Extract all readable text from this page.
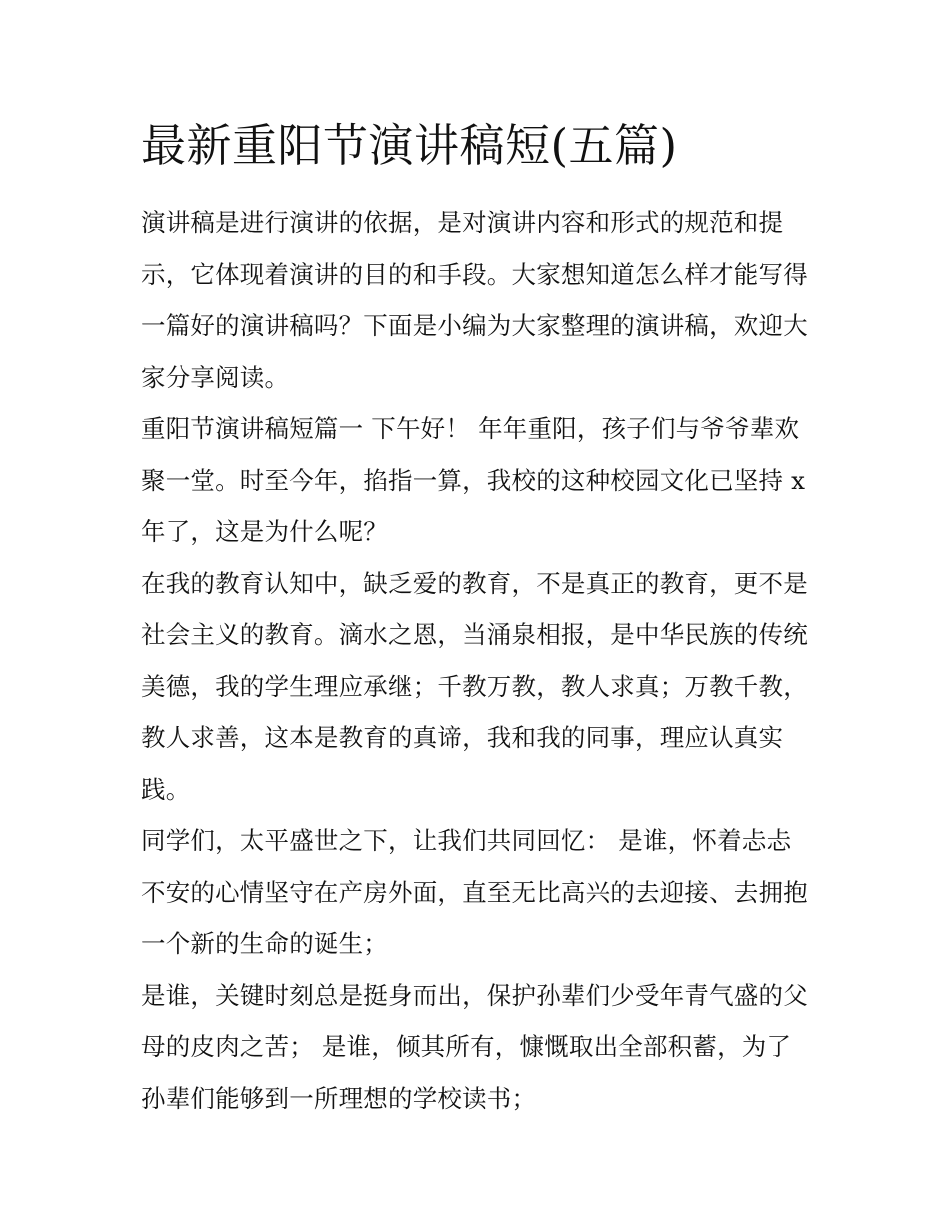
最新重阳节演讲稿短(五篇)

演讲稿是进行演讲的依据，是对演讲内容和形式的规范和提
示，它体现着演讲的目的和手段。大家想知道怎么样才能写得
一篇好的演讲稿吗？下面是小编为大家整理的演讲稿，欢迎大
家分享阅读。

重阳节演讲稿短篇一 下午好！ 年年重阳，孩子们与爷爷辈欢
聚一堂。时至今年，掐指一算，我校的这种校园文化已坚持 x
年了，这是为什么呢？

在我的教育认知中，缺乏爱的教育，不是真正的教育，更不是
社会主义的教育。滴水之恩，当涌泉相报，是中华民族的传统
美德，我的学生理应承继；千教万教，教人求真；万教千教，
教人求善，这本是教育的真谛，我和我的同事，理应认真实
践。

同学们，太平盛世之下，让我们共同回忆： 是谁，怀着忐忐
不安的心情坚守在产房外面，直至无比高兴的去迎接、去拥抱
一个新的生命的诞生；

是谁，关键时刻总是挺身而出，保护孙辈们少受年青气盛的父
母的皮肉之苦； 是谁，倾其所有，慷慨取出全部积蓄，为了
孙辈们能够到一所理想的学校读书；
